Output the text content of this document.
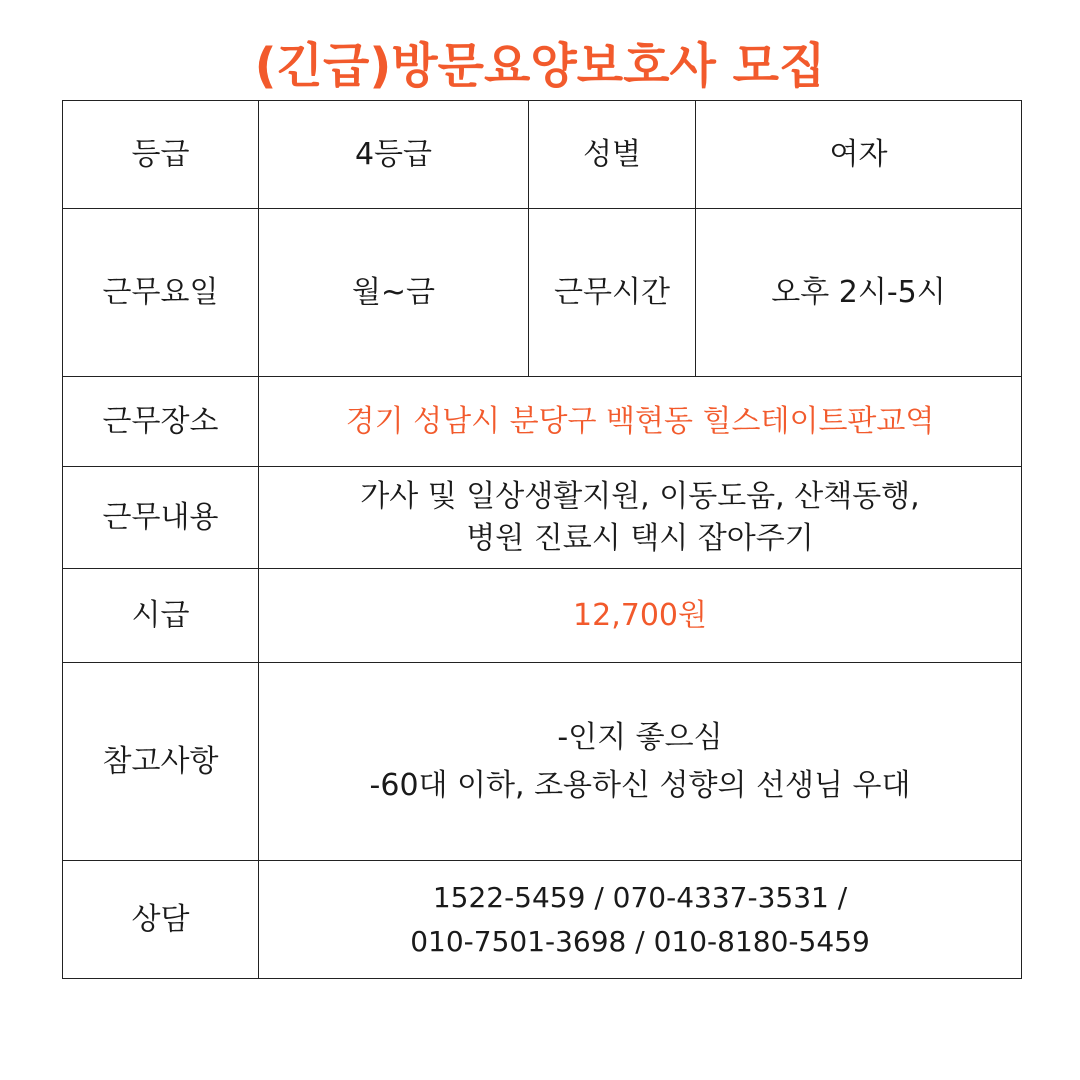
(긴급)방문요양보호사 모집
등급	4등급	성별	여자
근무요일	월~금	근무시간	오후 2시-5시
근무장소	경기 성남시 분당구 백현동 힐스테이트판교역		
근무내용	가사 및 일상생활지원, 이동도움, 산책동행,
병원 진료시 택시 잡아주기		

시급	12,700원		
참고사항	-인지 좋으심
-60대 이하, 조용하신 성향의 선생님 우대		

상담	1522-5459 / 070-4337-3531 /
010-7501-3698 / 010-8180-5459		
